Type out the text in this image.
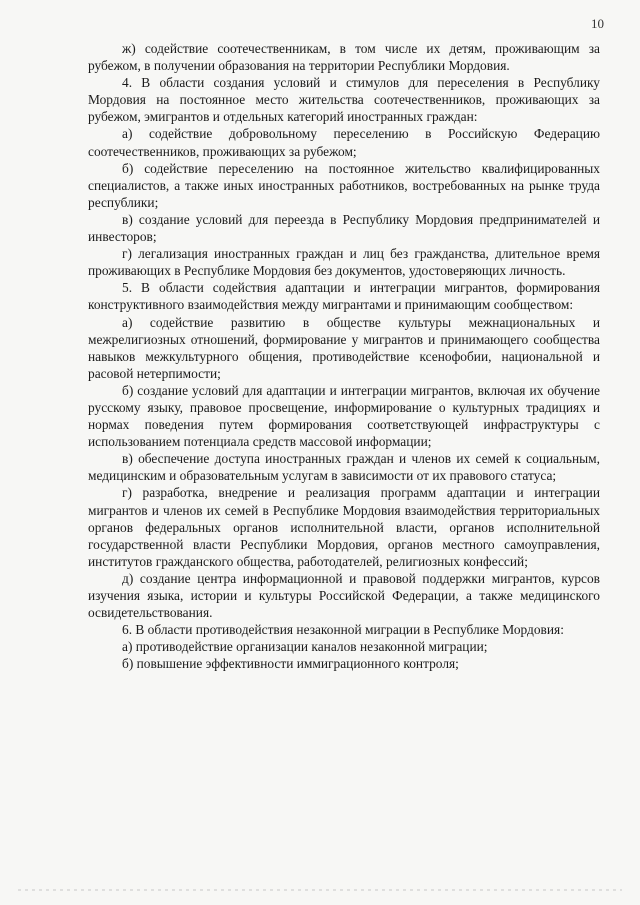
10

ж) содействие соотечественникам, в том числе их детям, проживающим за рубежом, в получении образования на территории Республики Мордовия.

4. В области создания условий и стимулов для переселения в Республику Мордовия на постоянное место жительства соотечественников, проживающих за рубежом, эмигрантов и отдельных категорий иностранных граждан:

а) содействие добровольному переселению в Российскую Федерацию соотечественников, проживающих за рубежом;

б) содействие переселению на постоянное жительство квалифицированных специалистов, а также иных иностранных работников, востребованных на рынке труда республики;

в) создание условий для переезда в Республику Мордовия предпринимателей и инвесторов;

г) легализация иностранных граждан и лиц без гражданства, длительное время проживающих в Республике Мордовия без документов, удостоверяющих личность.

5. В области содействия адаптации и интеграции мигрантов, формирования конструктивного взаимодействия между мигрантами и принимающим сообществом:

а) содействие развитию в обществе культуры межнациональных и межрелигиозных отношений, формирование у мигрантов и принимающего сообщества навыков межкультурного общения, противодействие ксенофобии, национальной и расовой нетерпимости;

б) создание условий для адаптации и интеграции мигрантов, включая их обучение русскому языку, правовое просвещение, информирование о культурных традициях и нормах поведения путем формирования соответствующей инфраструктуры с использованием потенциала средств массовой информации;

в) обеспечение доступа иностранных граждан и членов их семей к социальным, медицинским и образовательным услугам в зависимости от их правового статуса;

г) разработка, внедрение и реализация программ адаптации и интеграции мигрантов и членов их семей в Республике Мордовия взаимодействия территориальных органов федеральных органов исполнительной власти, органов исполнительной государственной власти Республики Мордовия, органов местного самоуправления, институтов гражданского общества, работодателей, религиозных конфессий;

д) создание центра информационной и правовой поддержки мигрантов, курсов изучения языка, истории и культуры Российской Федерации, а также медицинского освидетельствования.

6. В области противодействия незаконной миграции в Республике Мордовия:

а) противодействие организации каналов незаконной миграции;

б) повышение эффективности иммиграционного контроля;
